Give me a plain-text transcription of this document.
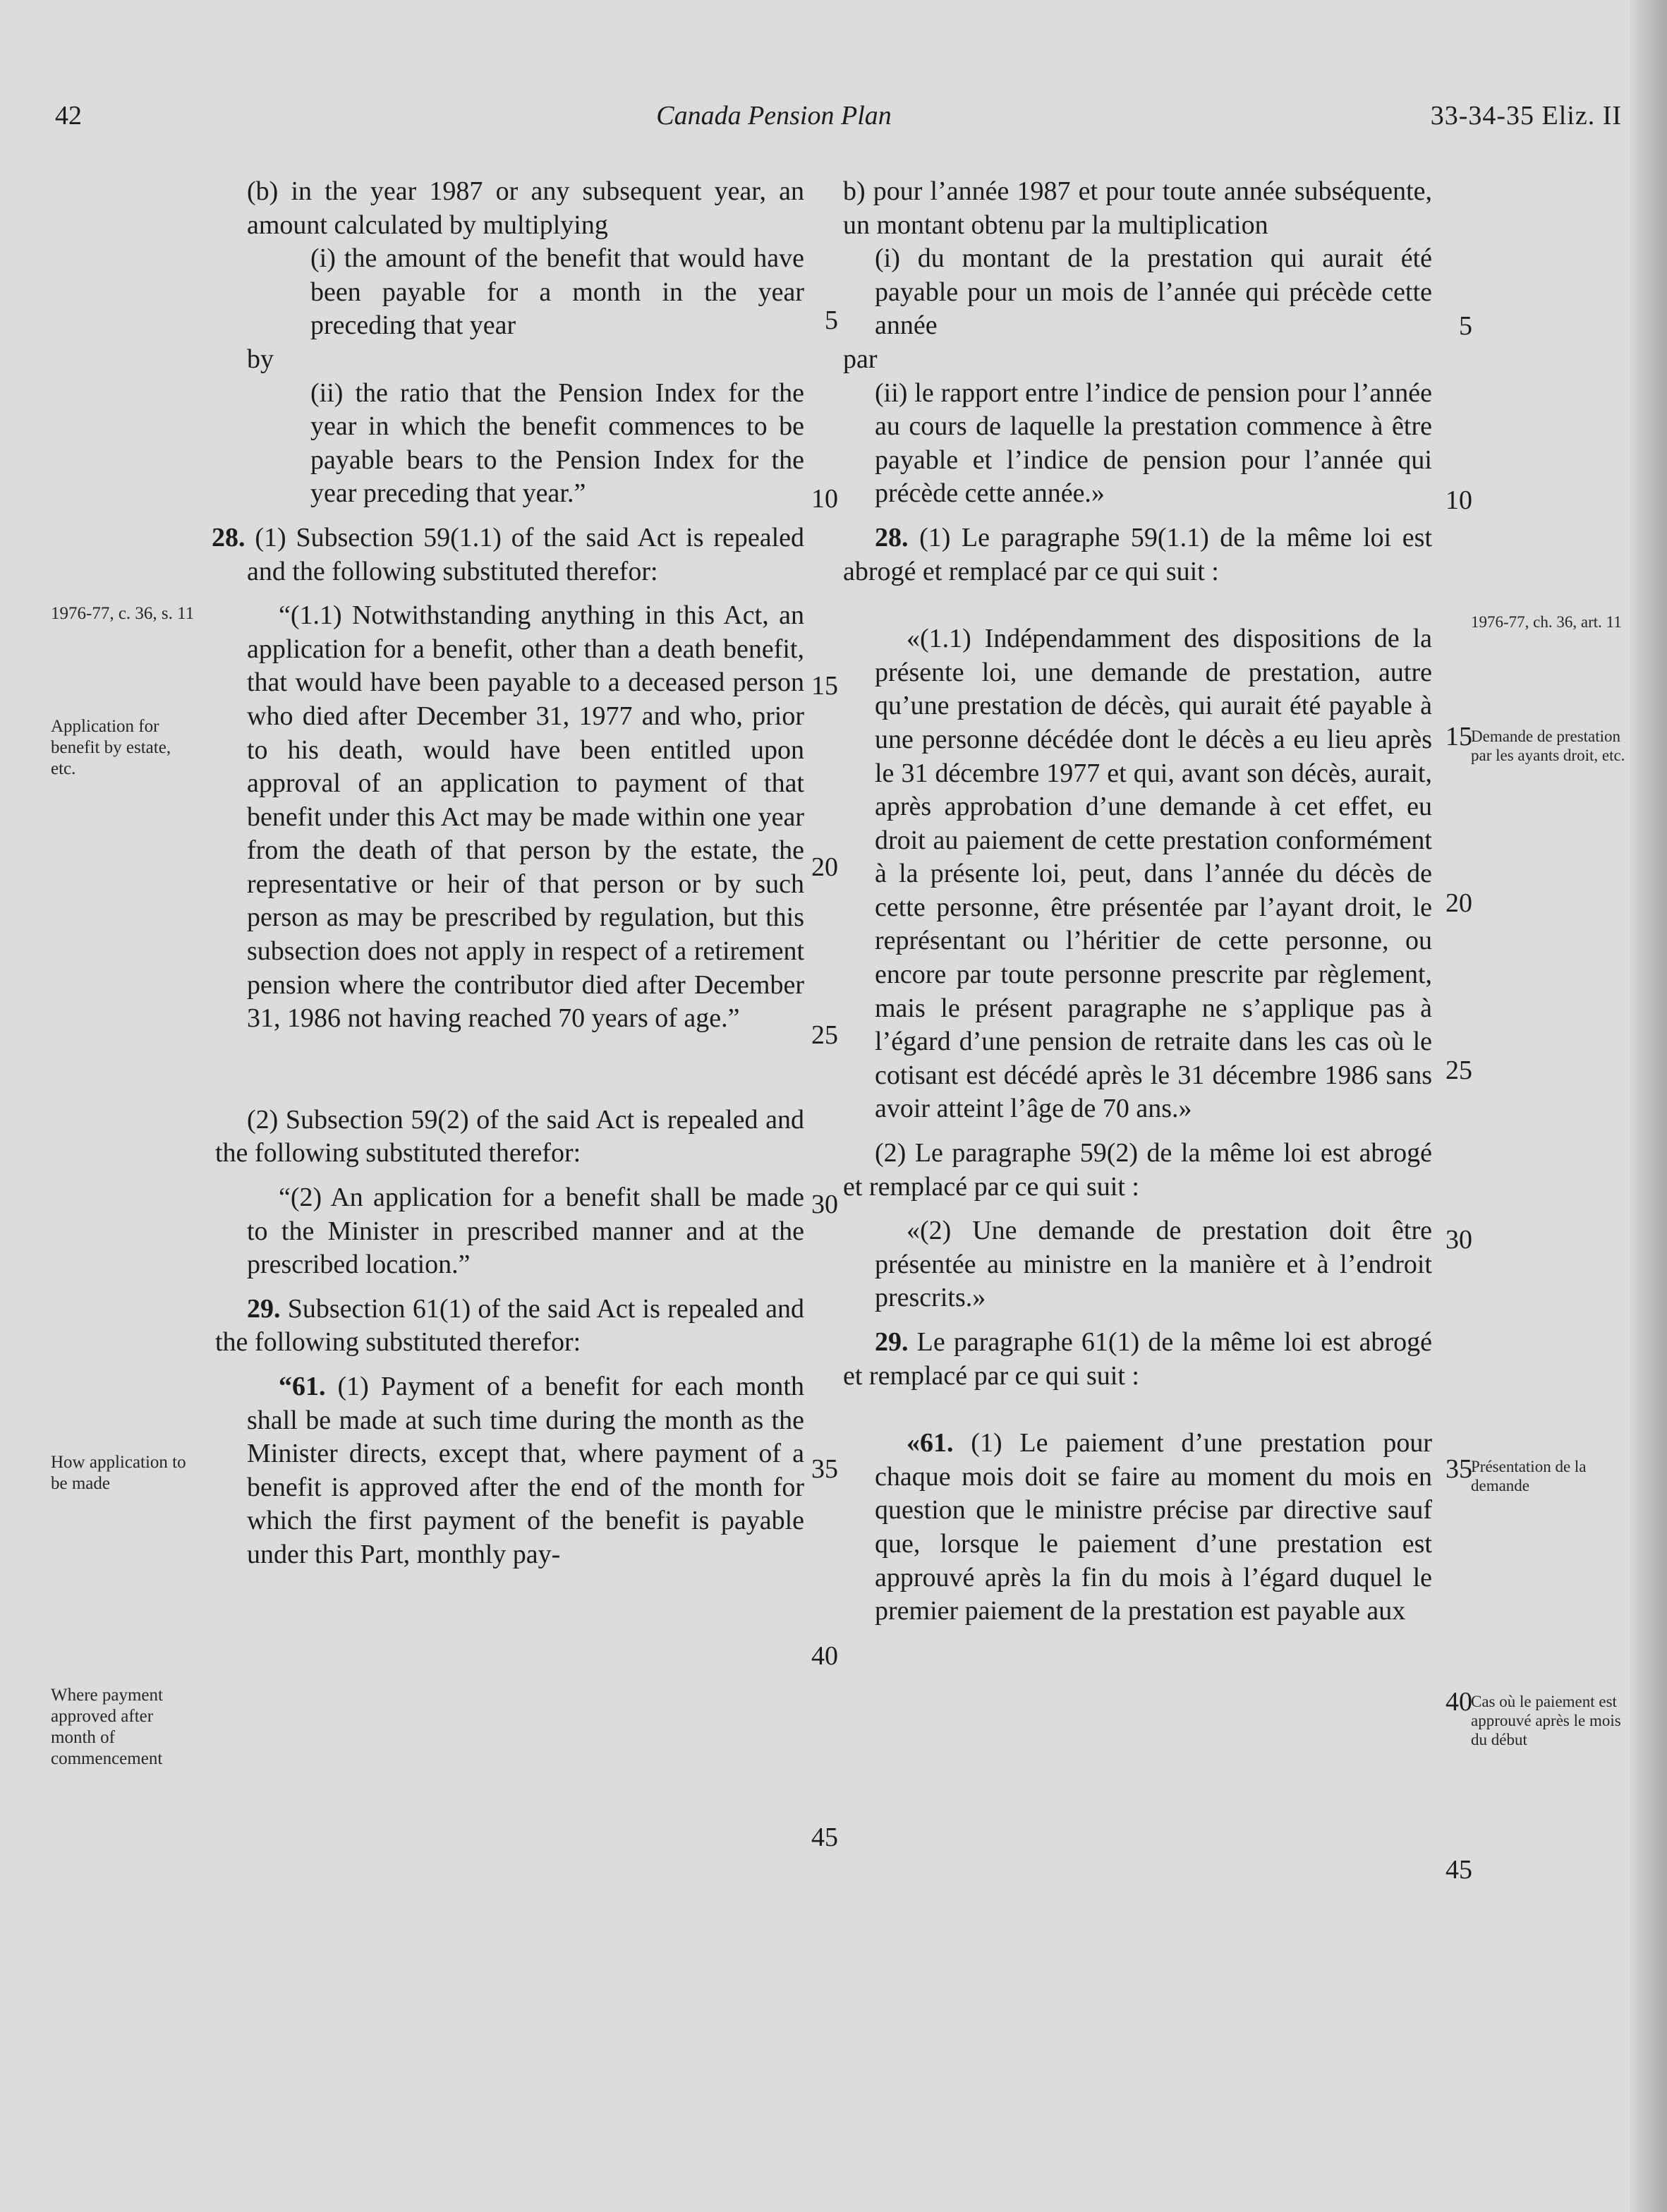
42	Canada Pension Plan	33-34-35 Eliz. II

(b) in the year 1987 or any subsequent year, an amount calculated by multiplying

(i) the amount of the benefit that would have been payable for a month in the year preceding that year

by

(ii) the ratio that the Pension Index for the year in which the benefit commences to be payable bears to the Pension Index for the year preceding that year.”

28. (1) Subsection 59(1.1) of the said Act is repealed and the following substituted therefor:

“(1.1) Notwithstanding anything in this Act, an application for a benefit, other than a death benefit, that would have been payable to a deceased person who died after December 31, 1977 and who, prior to his death, would have been entitled upon approval of an application to payment of that benefit under this Act may be made within one year from the death of that person by the estate, the representative or heir of that person or by such person as may be prescribed by regulation, but this subsection does not apply in respect of a retirement pension where the contributor died after December 31, 1986 not having reached 70 years of age.”

(2) Subsection 59(2) of the said Act is repealed and the following substituted therefor:

“(2) An application for a benefit shall be made to the Minister in prescribed manner and at the prescribed location.”

29. Subsection 61(1) of the said Act is repealed and the following substituted therefor:

“61. (1) Payment of a benefit for each month shall be made at such time during the month as the Minister directs, except that, where payment of a benefit is approved after the end of the month for which the first payment of the benefit is payable under this Part, monthly pay-

b) pour l’année 1987 et pour toute année subséquente, un montant obtenu par la multiplication

(i) du montant de la prestation qui aurait été payable pour un mois de l’année qui précède cette année

par

(ii) le rapport entre l’indice de pension pour l’année au cours de laquelle la prestation commence à être payable et l’indice de pension pour l’année qui précède cette année.»

28. (1) Le paragraphe 59(1.1) de la même loi est abrogé et remplacé par ce qui suit :

«(1.1) Indépendamment des dispositions de la présente loi, une demande de prestation, autre qu’une prestation de décès, qui aurait été payable à une personne décédée dont le décès a eu lieu après le 31 décembre 1977 et qui, avant son décès, aurait, après approbation d’une demande à cet effet, eu droit au paiement de cette prestation conformément à la présente loi, peut, dans l’année du décès de cette personne, être présentée par l’ayant droit, le représentant ou l’héritier de cette personne, ou encore par toute personne prescrite par règlement, mais le présent paragraphe ne s’applique pas à l’égard d’une pension de retraite dans les cas où le cotisant est décédé après le 31 décembre 1986 sans avoir atteint l’âge de 70 ans.»

(2) Le paragraphe 59(2) de la même loi est abrogé et remplacé par ce qui suit :

«(2) Une demande de prestation doit être présentée au ministre en la manière et à l’endroit prescrits.»

29. Le paragraphe 61(1) de la même loi est abrogé et remplacé par ce qui suit :

«61. (1) Le paiement d’une prestation pour chaque mois doit se faire au moment du mois en question que le ministre précise par directive sauf que, lorsque le paiement d’une prestation est approuvé après la fin du mois à l’égard duquel le premier paiement de la prestation est payable aux

5
10
15
20
25
30
35
40
45
5
10
15
20
25
30
35
40
45
1976-77, c. 36, s. 11
Application for benefit by estate, etc.
How application to be made
Where payment approved after month of commencement
1976-77, ch. 36, art. 11
Demande de prestation par les ayants droit, etc.
Présentation de la demande
Cas où le paiement est approuvé après le mois du début
